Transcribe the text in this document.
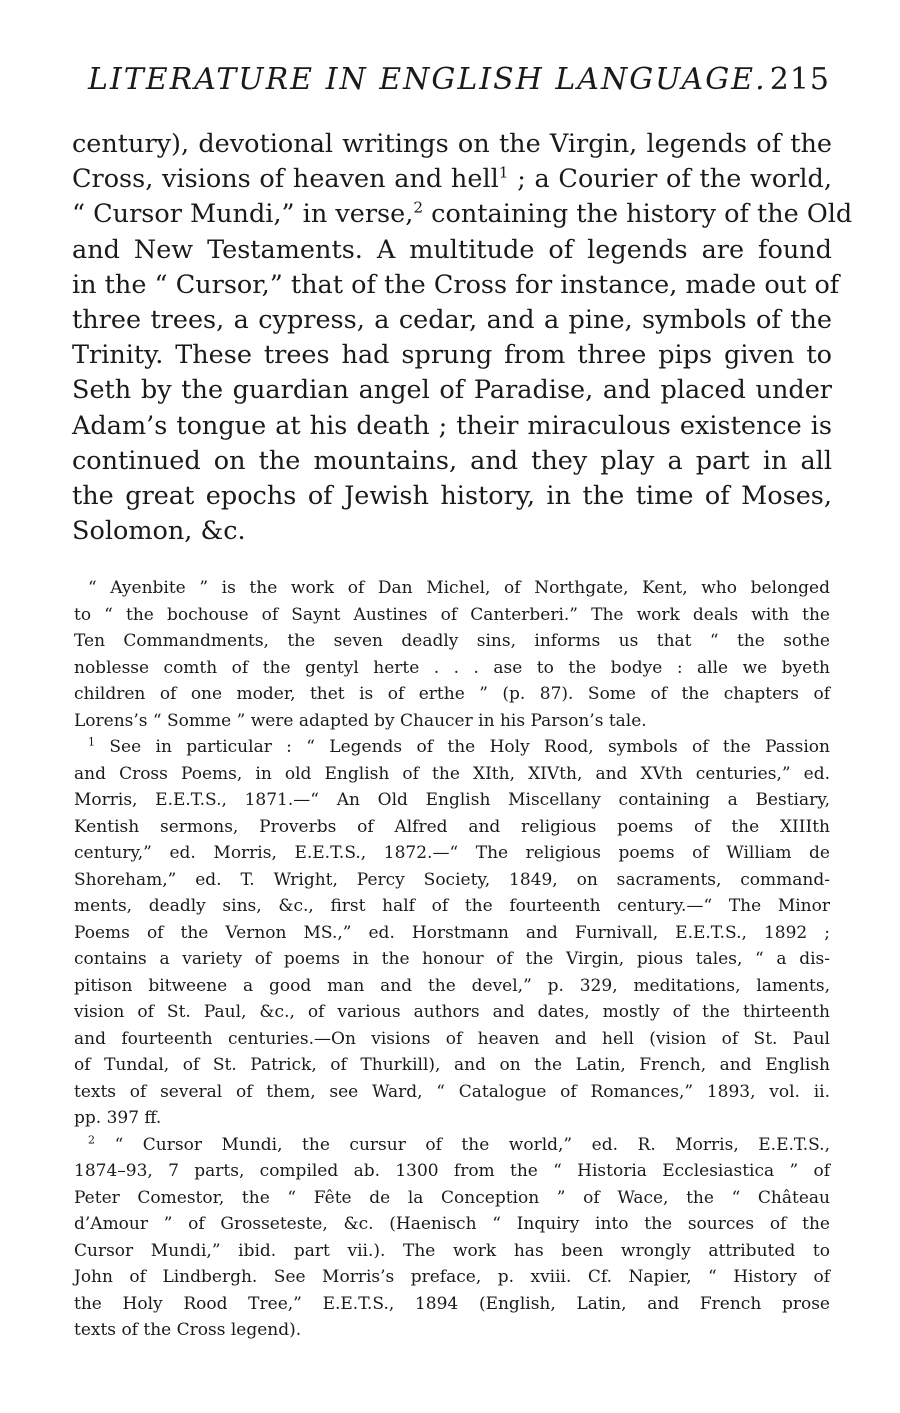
LITERATURE IN ENGLISH LANGUAGE. 215
century), devotional writings on the Virgin, legends of the
Cross, visions of heaven and hell$^1$ ; a Courier of the world,
“ Cursor Mundi,” in verse,$^2$ containing the history of the Old
and New Testaments. A multitude of legends are found
in the “ Cursor,” that of the Cross for instance, made out of
three trees, a cypress, a cedar, and a pine, symbols of the
Trinity. These trees had sprung from three pips given to
Seth by the guardian angel of Paradise, and placed under
Adam’s tongue at his death ; their miraculous existence is
continued on the mountains, and they play a part in all
the great epochs of Jewish history, in the time of Moses,
Solomon, &c.
“ Ayenbite ” is the work of Dan Michel, of Northgate, Kent, who belonged
to “ the bochouse of Saynt Austines of Canterberi.” The work deals with the
Ten Commandments, the seven deadly sins, informs us that “ the sothe
noblesse comth of the gentyl herte . . . ase to the bodye : alle we byeth
children of one moder, thet is of erthe ” (p. 87). Some of the chapters of
Lorens’s “ Somme ” were adapted by Chaucer in his Parson’s tale.
$^1$ See in particular : “ Legends of the Holy Rood, symbols of the Passion
and Cross Poems, in old English of the XIth, XIVth, and XVth centuries,” ed.
Morris, E.E.T.S., 1871.—“ An Old English Miscellany containing a Bestiary,
Kentish sermons, Proverbs of Alfred and religious poems of the XIIIth
century,” ed. Morris, E.E.T.S., 1872.—“ The religious poems of William de
Shoreham,” ed. T. Wright, Percy Society, 1849, on sacraments, command-
ments, deadly sins, &c., first half of the fourteenth century.—“ The Minor
Poems of the Vernon MS.,” ed. Horstmann and Furnivall, E.E.T.S., 1892 ;
contains a variety of poems in the honour of the Virgin, pious tales, “ a dis-
pitison bitweene a good man and the devel,” p. 329, meditations, laments,
vision of St. Paul, &c., of various authors and dates, mostly of the thirteenth
and fourteenth centuries.—On visions of heaven and hell (vision of St. Paul
of Tundal, of St. Patrick, of Thurkill), and on the Latin, French, and English
texts of several of them, see Ward, “ Catalogue of Romances,” 1893, vol. ii.
pp. 397 ff.
$^2$ “ Cursor Mundi, the cursur of the world,” ed. R. Morris, E.E.T.S.,
1874–93, 7 parts, compiled ab. 1300 from the “ Historia Ecclesiastica ” of
Peter Comestor, the “ Fête de la Conception ” of Wace, the “ Château
d’Amour ” of Grosseteste, &c. (Haenisch “ Inquiry into the sources of the
Cursor Mundi,” ibid. part vii.). The work has been wrongly attributed to
John of Lindbergh. See Morris’s preface, p. xviii. Cf. Napier, “ History of
the Holy Rood Tree,” E.E.T.S., 1894 (English, Latin, and French prose
texts of the Cross legend).
